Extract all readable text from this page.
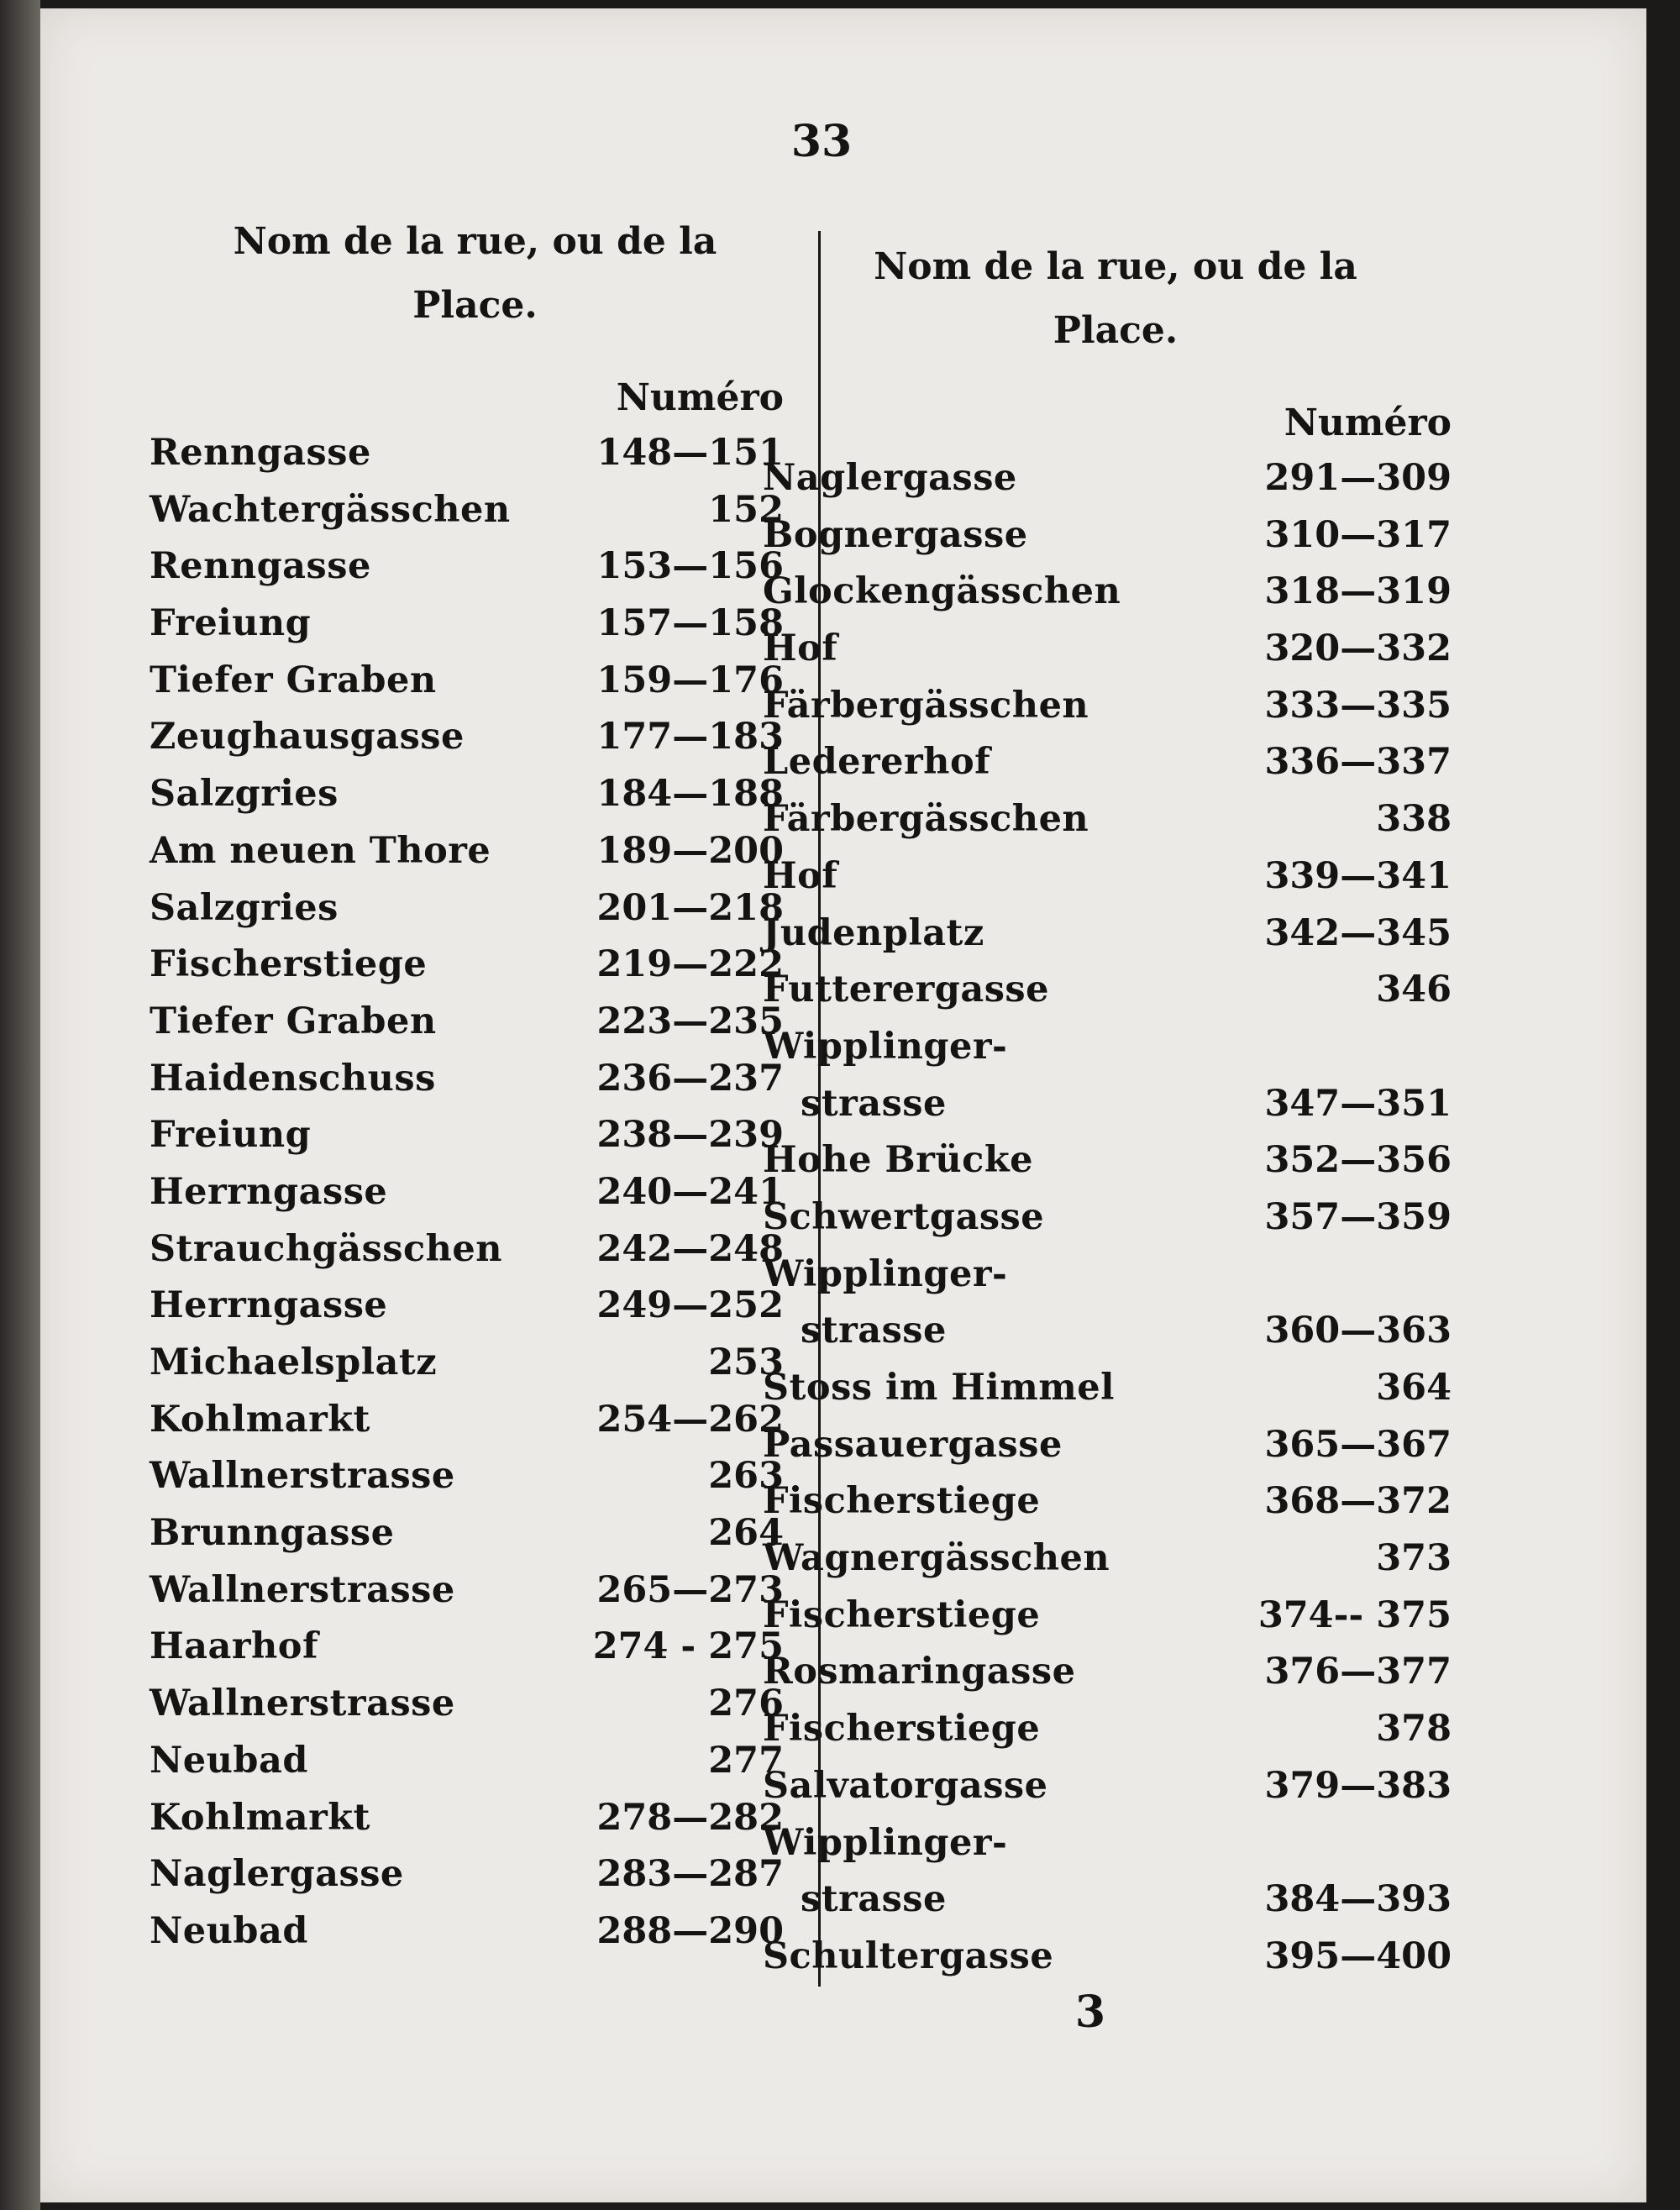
33
Nom de la rue, ou de la Place.
Numéro
Renngasse	148—151
Wachtergässchen	152
Renngasse	153—156
Freiung	157—158
Tiefer Graben	159—176
Zeughausgasse	177—183
Salzgries	184—188
Am neuen Thore	189—200
Salzgries	201—218
Fischerstiege	219—222
Tiefer Graben	223—235
Haidenschuss	236—237
Freiung	238—239
Herrngasse	240—241
Strauchgässchen	242—248
Herrngasse	249—252
Michaelsplatz	253
Kohlmarkt	254—262
Wallnerstrasse	263
Brunngasse	264
Wallnerstrasse	265—273
Haarhof	274 - 275
Wallnerstrasse	276
Neubad	277
Kohlmarkt	278—282
Naglergasse	283—287
Neubad	288—290
Nom de la rue, ou de la Place.
Numéro
Naglergasse	291—309
Bognergasse	310—317
Glockengässchen	318—319
Hof	320—332
Färbergässchen	333—335
Ledererhof	336—337
Färbergässchen	338
Hof	339—341
Judenplatz	342—345
Futterergasse	346
Wipplinger-
strasse	347—351
Hohe Brücke	352—356
Schwertgasse	357—359
Wipplinger-
strasse	360—363
Stoss im Himmel	364
Passauergasse	365—367
Fischerstiege	368—372
Wagnergässchen	373
Fischerstiege	374-- 375
Rosmaringasse	376—377
Fischerstiege	378
Salvatorgasse	379—383
Wipplinger-
strasse	384—393
Schultergasse	395—400
3
